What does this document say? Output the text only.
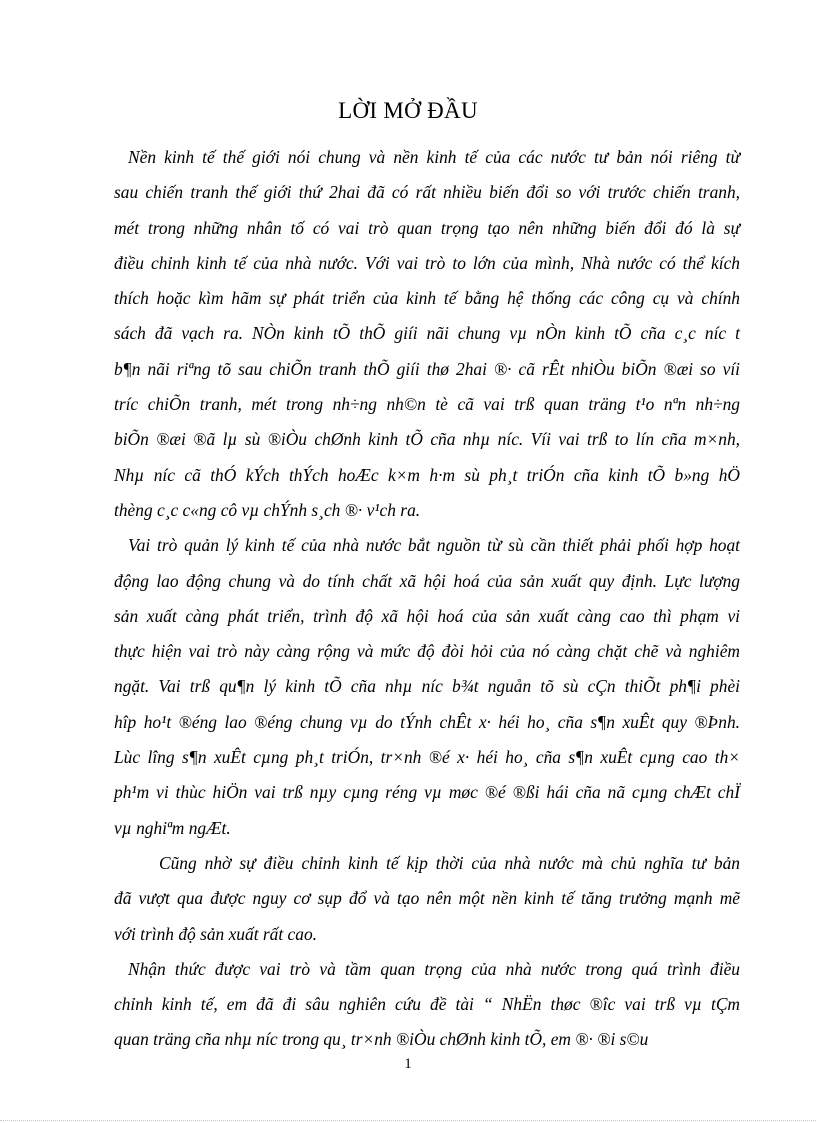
LỜI MỞ ĐẦU
Nền kinh tế thế giới nói chung và nền kinh tế của các nước tư bản nói riêng từ
sau chiến tranh thế giới thứ 2hai đã có rất nhiều biến đổi so với trước chiến tranh,
mét trong những nhân tố có vai trò quan trọng tạo nên những biến đổi đó là sự
điều chỉnh kinh tế của nhà nước. Với vai trò to lớn của mình, Nhà nước có thể kích
thích hoặc kìm hãm sự phát triển của kinh tế bằng hệ thống các công cụ và chính
sách đã vạch ra. NÒn kinh tÕ thÕ giíi nãi chung vµ nÒn kinh tÕ cña c¸c níc t
b¶n nãi riªng tõ sau chiÕn tranh thÕ giíi thø 2hai ®· cã rÊt nhiÒu biÕn ®æi so víi
tríc chiÕn tranh, mét trong nh÷ng nh©n tè cã vai trß quan träng t¹o nªn nh÷ng
biÕn ®æi ®ã lµ sù ®iÒu chØnh kinh tÕ cña nhµ níc. Víi vai trß to lín cña m×nh,
Nhµ níc cã thÓ kÝch thÝch hoÆc k×m h·m sù ph¸t triÓn cña kinh tÕ b»ng hÖ
thèng c¸c c«ng cô vµ chÝnh s¸ch ®· v¹ch ra.
Vai trò quản lý kinh tế của nhà nước bắt nguồn từ sù cần thiết phải phối hợp hoạt
động lao động chung và do tính chất xã hội hoá của sản xuất quy định. Lực lượng
sản xuất càng phát triển, trình độ xã hội hoá của sản xuất càng cao thì phạm vi
thực hiện vai trò này càng rộng và mức độ đòi hỏi của nó càng chặt chẽ và nghiêm
ngặt. Vai trß qu¶n lý kinh tÕ cña nhµ níc b¾t nguån tõ sù cÇn thiÕt ph¶i phèi
hîp ho¹t ®éng lao ®éng chung vµ do tÝnh chÊt x· héi ho¸ cña s¶n xuÊt quy ®Þnh.
Lùc lîng s¶n xuÊt cµng ph¸t triÓn, tr×nh ®é x· héi ho¸ cña s¶n xuÊt cµng cao th×
ph¹m vi thùc hiÖn vai trß nµy cµng réng vµ møc ®é ®ßi hái cña nã cµng chÆt chÏ
vµ nghiªm ngÆt.
Cũng nhờ sự điều chỉnh kinh tế kịp thời của nhà nước mà chủ nghĩa tư bản
đã vượt qua được nguy cơ sụp đổ và tạo nên một nền kinh tế tăng trưởng mạnh mẽ
với trình độ sản xuất rất cao.
Nhận thức được vai trò và tầm quan trọng của nhà nước trong quá trình điều
chỉnh kinh tế, em đã đi sâu nghiên cứu đề tài “ NhËn thøc ®îc vai trß vµ tÇm
quan träng cña nhµ níc trong qu¸ tr×nh ®iÒu chØnh kinh tÕ, em ®· ®i s©u
1
